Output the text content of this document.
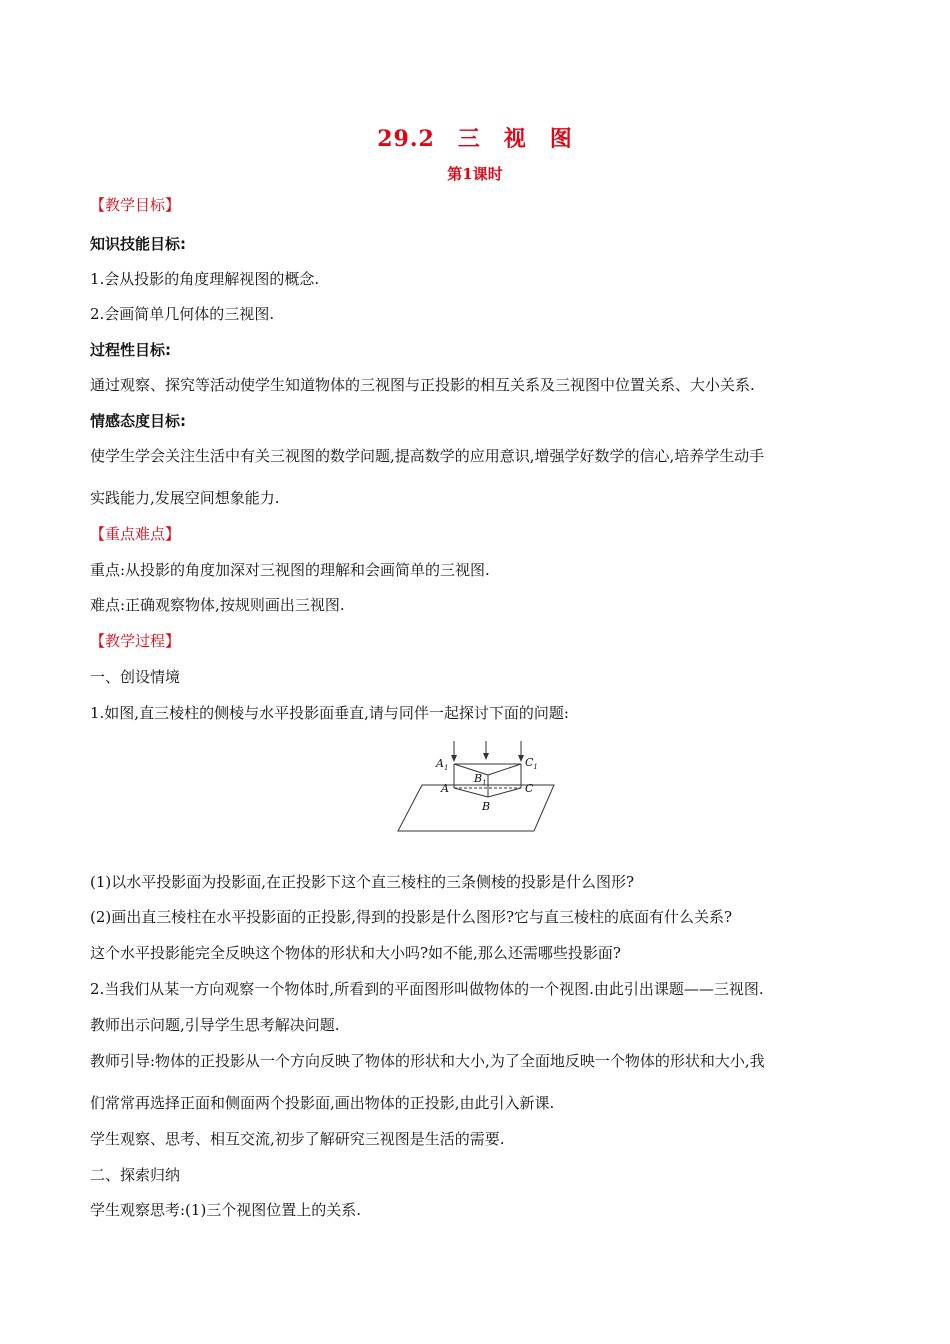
29.2　三　视　图
第1课时
【教学目标】
知识技能目标:
1.会从投影的角度理解视图的概念.
2.会画简单几何体的三视图.
过程性目标:
通过观察、探究等活动使学生知道物体的三视图与正投影的相互关系及三视图中位置关系、大小关系.
情感态度目标:
使学生学会关注生活中有关三视图的数学问题,提高数学的应用意识,增强学好数学的信心,培养学生动手
实践能力,发展空间想象能力.
【重点难点】
重点:从投影的角度加深对三视图的理解和会画简单的三视图.
难点:正确观察物体,按规则画出三视图.
【教学过程】
一、创设情境
1.如图,直三棱柱的侧棱与水平投影面垂直,请与同伴一起探讨下面的问题:
$A_1$
$B_1$
$C_1$
A
B
C
(1)以水平投影面为投影面,在正投影下这个直三棱柱的三条侧棱的投影是什么图形?
(2)画出直三棱柱在水平投影面的正投影,得到的投影是什么图形?它与直三棱柱的底面有什么关系?
这个水平投影能完全反映这个物体的形状和大小吗?如不能,那么还需哪些投影面?
2.当我们从某一方向观察一个物体时,所看到的平面图形叫做物体的一个视图.由此引出课题——三视图.
教师出示问题,引导学生思考解决问题.
教师引导:物体的正投影从一个方向反映了物体的形状和大小,为了全面地反映一个物体的形状和大小,我
们常常再选择正面和侧面两个投影面,画出物体的正投影,由此引入新课.
学生观察、思考、相互交流,初步了解研究三视图是生活的需要.
二、探索归纳
学生观察思考:(1)三个视图位置上的关系.
